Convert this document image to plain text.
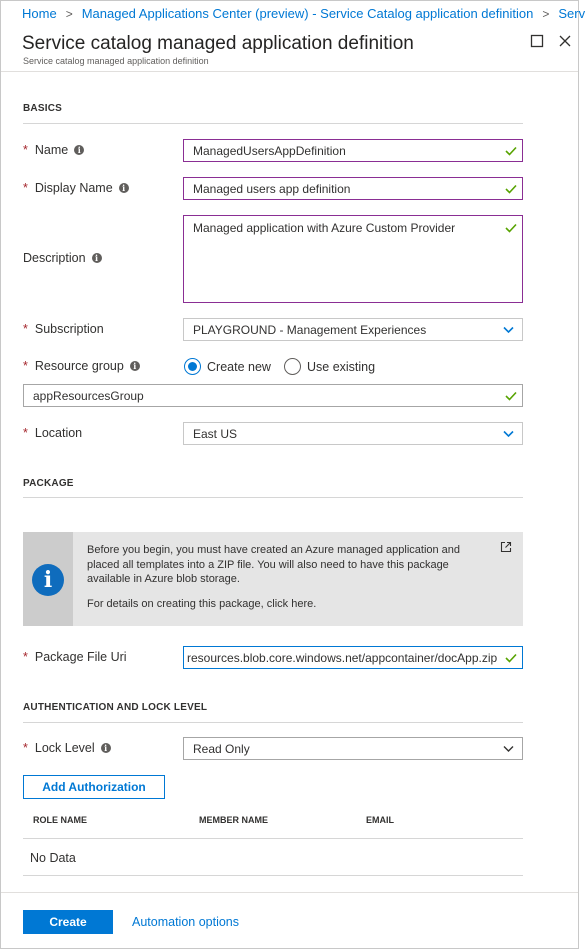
Home > Managed Applications Center (preview) - Service Catalog application definition > Serv
Service catalog managed application definition
Service catalog managed application definition
BASICS
* Name	i	ManagedUsersAppDefinition
* Display Name	i	Managed users app definition
Description	i
Managed application with Azure Custom Provider
* Subscription	PLAYGROUND - Management Experiences
* Resource group	i	Create new	Use existing
appResourcesGroup
* Location	East US
PACKAGE
i
Before you begin, you must have created an Azure managed application and placed all templates into a ZIP file. You will also need to have this package available in Azure blob storage.
For details on creating this package, click here.
* Package File Uri	resources.blob.core.windows.net/appcontainer/docApp.zip
AUTHENTICATION AND LOCK LEVEL
* Lock Level	i	Read Only
Add Authorization
ROLE NAME	MEMBER NAME	EMAIL
No Data
Create	Automation options
